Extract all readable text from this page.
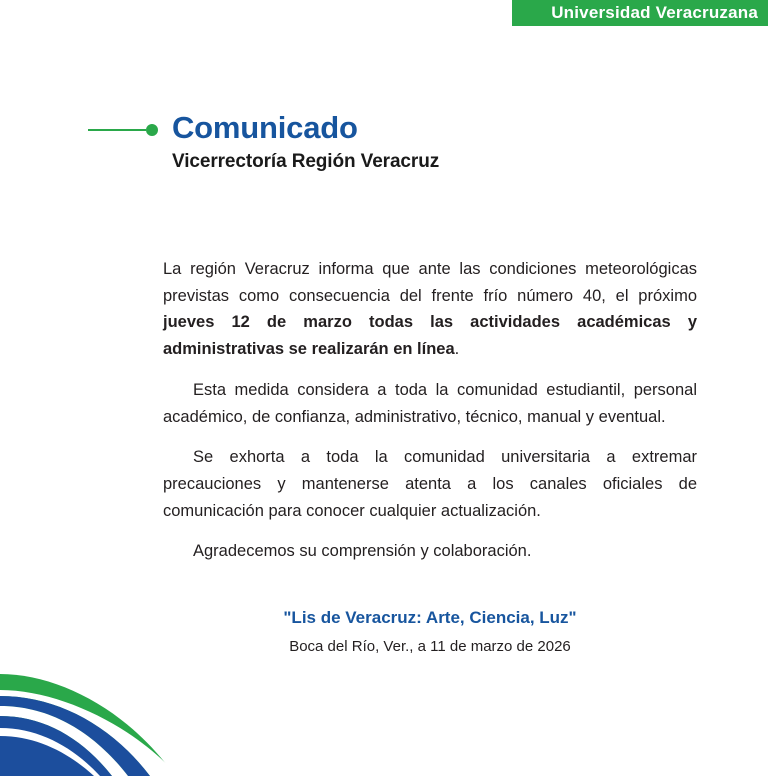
Universidad Veracruzana
Comunicado
Vicerrectoría Región Veracruz

La región Veracruz informa que ante las condiciones meteorológicas previstas como consecuencia del frente frío número 40, el próximo jueves 12 de marzo todas las actividades académicas y administrativas se realizarán en línea.

Esta medida considera a toda la comunidad estudiantil, personal académico, de confianza, administrativo, técnico, manual y eventual.

Se exhorta a toda la comunidad universitaria a extremar precauciones y mantenerse atenta a los canales oficiales de comunicación para conocer cualquier actualización.

Agradecemos su comprensión y colaboración.

"Lis de Veracruz: Arte, Ciencia, Luz"
Boca del Río, Ver., a 11 de marzo de 2026
